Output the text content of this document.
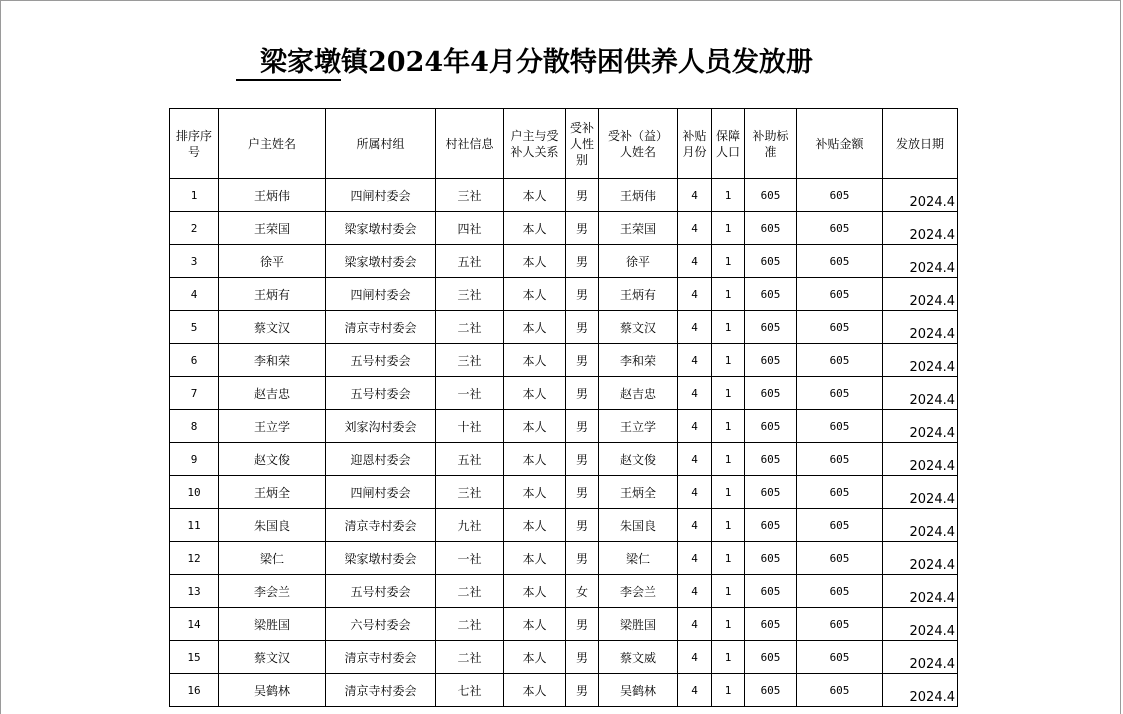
梁家墩镇2024年4月分散特困供养人员发放册
排序序号	户主姓名	所属村组	村社信息	户主与受补人关系	受补人性别	受补（益）人姓名	补贴月份	保障人口	补助标准	补贴金额	发放日期
1	王炳伟	四闸村委会	三社	本人	男	王炳伟	4	1	605	605	2024.4
2	王荣国	梁家墩村委会	四社	本人	男	王荣国	4	1	605	605	2024.4
3	徐平	梁家墩村委会	五社	本人	男	徐平	4	1	605	605	2024.4
4	王炳有	四闸村委会	三社	本人	男	王炳有	4	1	605	605	2024.4
5	蔡文汉	清京寺村委会	二社	本人	男	蔡文汉	4	1	605	605	2024.4
6	李和荣	五号村委会	三社	本人	男	李和荣	4	1	605	605	2024.4
7	赵吉忠	五号村委会	一社	本人	男	赵吉忠	4	1	605	605	2024.4
8	王立学	刘家沟村委会	十社	本人	男	王立学	4	1	605	605	2024.4
9	赵文俊	迎恩村委会	五社	本人	男	赵文俊	4	1	605	605	2024.4
10	王炳全	四闸村委会	三社	本人	男	王炳全	4	1	605	605	2024.4
11	朱国良	清京寺村委会	九社	本人	男	朱国良	4	1	605	605	2024.4
12	梁仁	梁家墩村委会	一社	本人	男	梁仁	4	1	605	605	2024.4
13	李会兰	五号村委会	二社	本人	女	李会兰	4	1	605	605	2024.4
14	梁胜国	六号村委会	二社	本人	男	梁胜国	4	1	605	605	2024.4
15	蔡文汉	清京寺村委会	二社	本人	男	蔡文威	4	1	605	605	2024.4
16	吴鹤林	清京寺村委会	七社	本人	男	吴鹤林	4	1	605	605	2024.4
